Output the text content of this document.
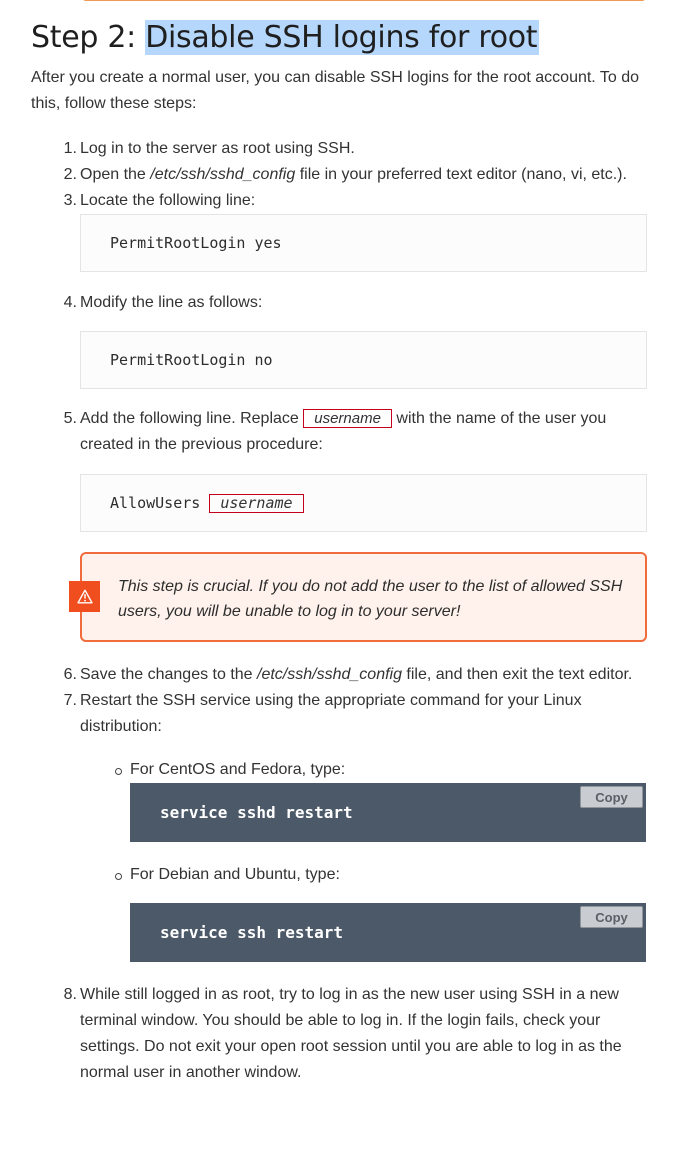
Step 2: Disable SSH logins for root

After you create a normal user, you can disable SSH logins for the root account. To do this, follow these steps:

1. Log in to the server as root using SSH.
2. Open the /etc/ssh/sshd_config file in your preferred text editor (nano, vi, etc.).
3. Locate the following line:
PermitRootLogin yes
4. Modify the line as follows:
PermitRootLogin no
5. Add the following line. Replace username with the name of the user you created in the previous procedure:
AllowUsers	username
This step is crucial. If you do not add the user to the list of allowed SSH users, you will be unable to log in to your server!
6. Save the changes to the /etc/ssh/sshd_config file, and then exit the text editor.
7. Restart the SSH service using the appropriate command for your Linux distribution:
For CentOS and Fedora, type:
service sshd restart
Copy
For Debian and Ubuntu, type:
service ssh restart
Copy
8. While still logged in as root, try to log in as the new user using SSH in a new terminal window. You should be able to log in. If the login fails, check your settings. Do not exit your open root session until you are able to log in as the normal user in another window.
